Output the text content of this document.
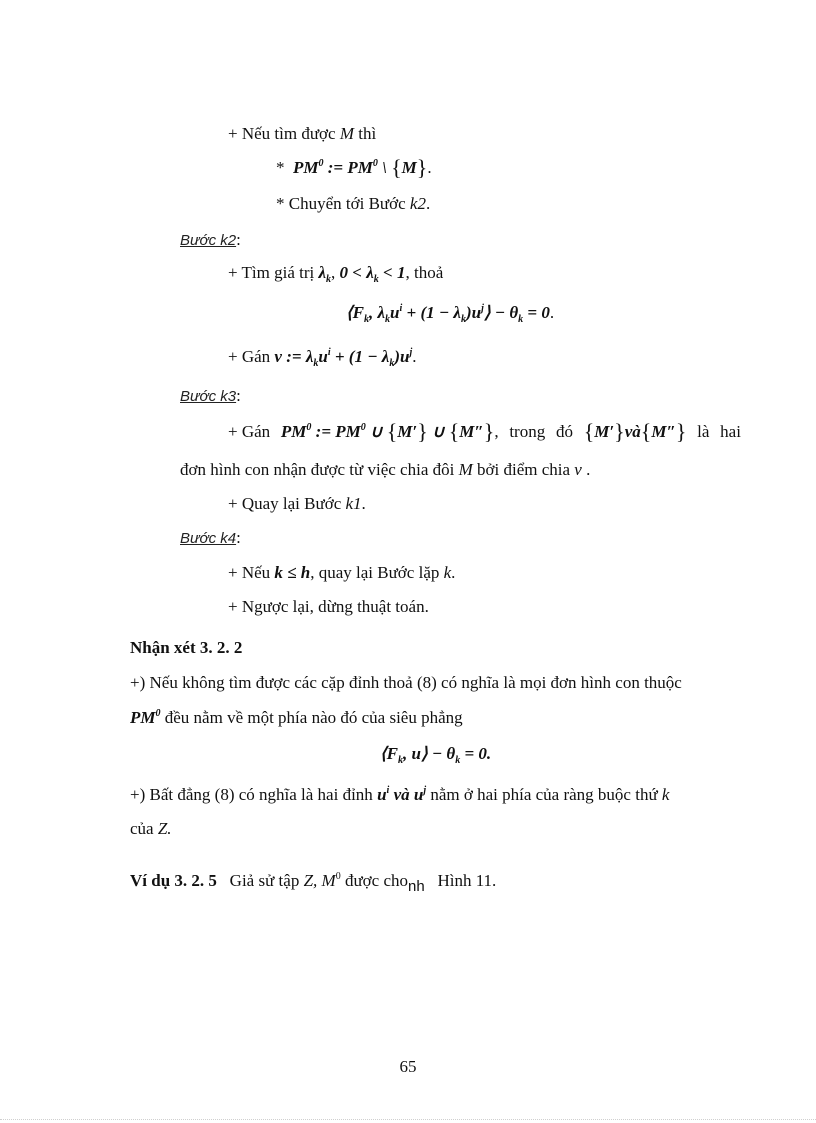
+ Nếu tìm được M thì
* $PM^0$ := $PM^0$ \ {M}.
* Chuyển tới Bước k2.
Bước k2:
+ Tìm giá trị $\lambda_k$, $0 < \lambda_k < 1$, thoả
$⟨F_k$, $\lambda_ku^i + (1$ − $\lambda_k)u^j⟩ - \theta_k = 0$.
+ Gán v := $\lambda_ku^i + (1 - \lambda_k)u^j$.
Bước k3:
+ Gán $PM^0$ := $PM^0$ ∪ {M′} ∪ {M″}, trong đó {M′}và{M″} là hai
đơn hình con nhận được từ việc chia đôi M bởi điểm chia v .
+ Quay lại Bước k1.
Bước k4:
+ Nếu k ≤ h, quay lại Bước lặp k.
+ Ngược lại, dừng thuật toán.
Nhận xét 3. 2. 2
+) Nếu không tìm được các cặp đỉnh thoả (8) có nghĩa là mọi đơn hình con thuộc
$PM^0$ đều nằm về một phía nào đó của siêu phẳng
$⟨F_k$, u⟩ − $\theta_k = 0$.
+) Bất đẳng (8) có nghĩa là hai đỉnh $u^i$ và $u^j$ nằm ở hai phía của ràng buộc thứ k
của Z.
Ví dụ 3. 2. 5 Giả sử tập Z, $M^0$ được chonh Hình 11.
65
